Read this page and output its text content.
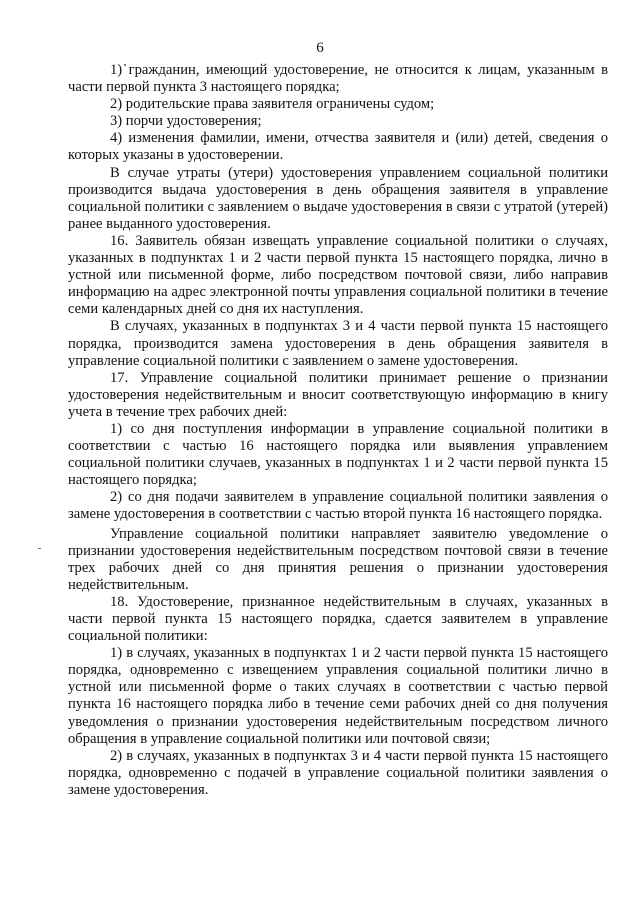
6

1) гражданин, имеющий удостоверение, не относится к лицам, указанным в части первой пункта 3 настоящего порядка;

2) родительские права заявителя ограничены судом;

3) порчи удостоверения;

4) изменения фамилии, имени, отчества заявителя и (или) детей, сведения о которых указаны в удостоверении.

В случае утраты (утери) удостоверения управлением социальной политики производится выдача удостоверения в день обращения заявителя в управление социальной политики с заявлением о выдаче удостоверения в связи с утратой (утерей) ранее выданного удостоверения.

16. Заявитель обязан извещать управление социальной политики о случаях, указанных в подпунктах 1 и 2 части первой пункта 15 настоящего порядка, лично в устной или письменной форме, либо посредством почтовой связи, либо направив информацию на адрес электронной почты управления социальной политики в течение семи календарных дней со дня их наступления.

В случаях, указанных в подпунктах 3 и 4 части первой пункта 15 настоящего порядка, производится замена удостоверения в день обращения заявителя в управление социальной политики с заявлением о замене удостоверения.

17. Управление социальной политики принимает решение о признании удостоверения недействительным и вносит соответствующую информацию в книгу учета в течение трех рабочих дней:

1) со дня поступления информации в управление социальной политики в соответствии с частью 16 настоящего порядка или выявления управлением социальной политики случаев, указанных в подпунктах 1 и 2 части первой пункта 15 настоящего порядка;

2) со дня подачи заявителем в управление социальной политики заявления о замене удостоверения в соответствии с частью второй пункта 16 настоящего порядка.

Управление социальной политики направляет заявителю уведомление о признании удостоверения недействительным посредством почтовой связи в течение трех рабочих дней со дня принятия решения о признании удостоверения недействительным.

18. Удостоверение, признанное недействительным в случаях, указанных в части первой пункта 15 настоящего порядка, сдается заявителем в управление социальной политики:

1) в случаях, указанных в подпунктах 1 и 2 части первой пункта 15 настоящего порядка, одновременно с извещением управления социальной политики лично в устной или письменной форме о таких случаях в соответствии с частью первой пункта 16 настоящего порядка либо в течение семи рабочих дней со дня получения уведомления о признании удостоверения недействительным посредством личного обращения в управление социальной политики или почтовой связи;

2) в случаях, указанных в подпунктах 3 и 4 части первой пункта 15 настоящего порядка, одновременно с подачей в управление социальной политики заявления о замене удостоверения.
